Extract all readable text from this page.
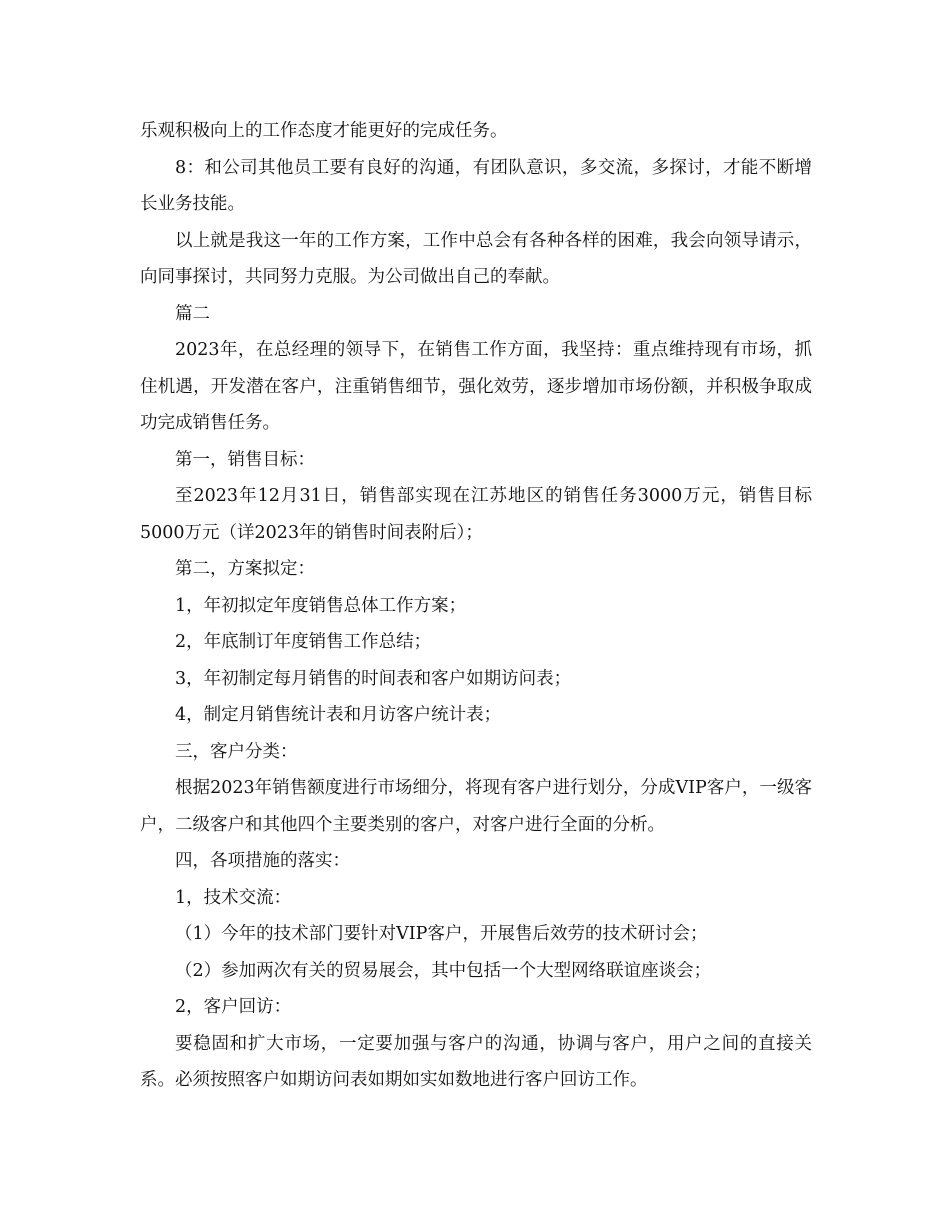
乐观积极向上的工作态度才能更好的完成任务。

8：和公司其他员工要有良好的沟通，有团队意识，多交流，多探讨，才能不断增长业务技能。

以上就是我这一年的工作方案，工作中总会有各种各样的困难，我会向领导请示，向同事探讨，共同努力克服。为公司做出自己的奉献。

篇二

2023年，在总经理的领导下，在销售工作方面，我坚持：重点维持现有市场，抓住机遇，开发潜在客户，注重销售细节，强化效劳，逐步增加市场份额，并积极争取成功完成销售任务。

第一，销售目标：

至2023年12月31日，销售部实现在江苏地区的销售任务3000万元，销售目标5000万元（详2023年的销售时间表附后）；

第二，方案拟定：

1，年初拟定年度销售总体工作方案；

2，年底制订年度销售工作总结；

3，年初制定每月销售的时间表和客户如期访问表；

4，制定月销售统计表和月访客户统计表；

三，客户分类：

根据2023年销售额度进行市场细分，将现有客户进行划分，分成VIP客户，一级客户，二级客户和其他四个主要类别的客户，对客户进行全面的分析。

四，各项措施的落实：

1，技术交流：

（1）今年的技术部门要针对VIP客户，开展售后效劳的技术研讨会；

（2）参加两次有关的贸易展会，其中包括一个大型网络联谊座谈会；

2，客户回访：

要稳固和扩大市场，一定要加强与客户的沟通，协调与客户，用户之间的直接关系。必须按照客户如期访问表如期如实如数地进行客户回访工作。
